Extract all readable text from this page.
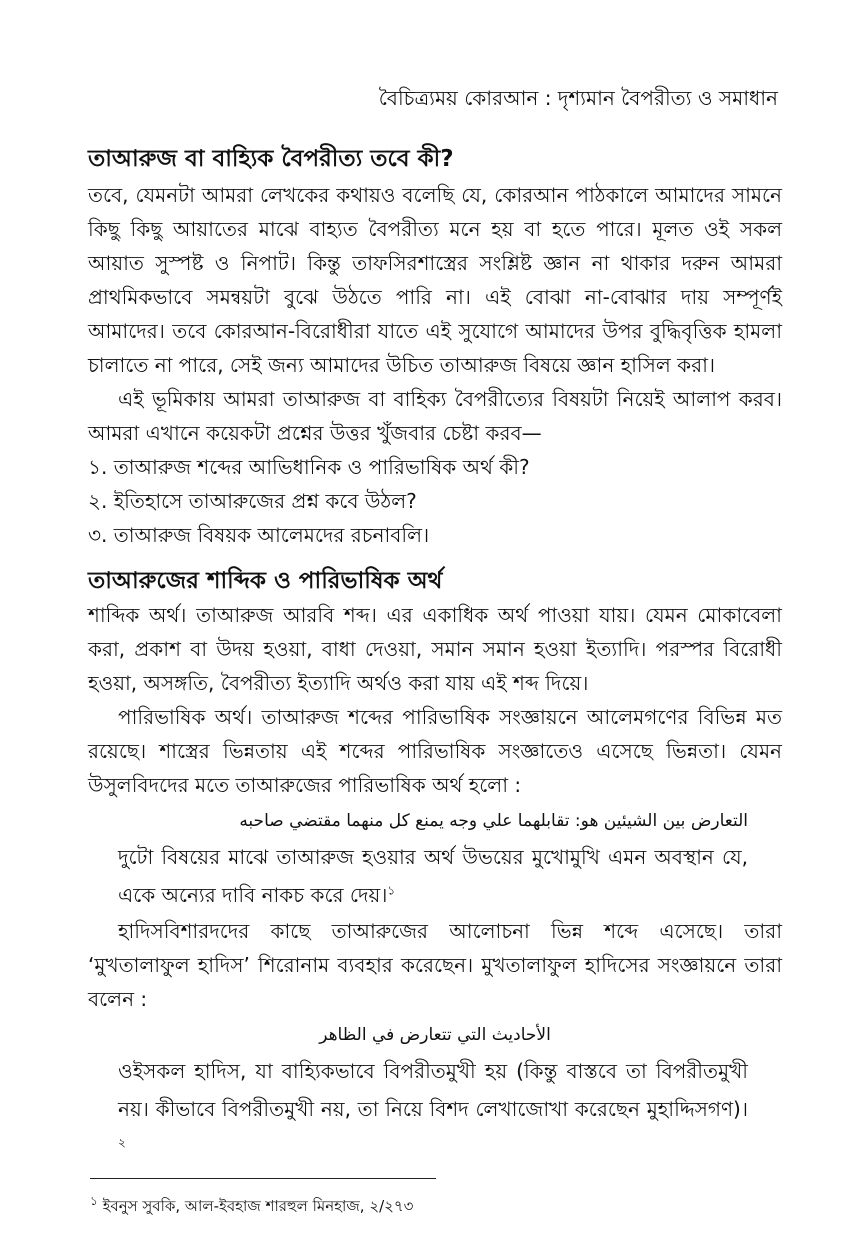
বৈচিত্র্যময় কোরআন : দৃশ্যমান বৈপরীত্য ও সমাধান
তাআরুজ বা বাহ্যিক বৈপরীত্য তবে কী?

তবে, যেমনটা আমরা লেখকের কথায়ও বলেছি যে, কোরআন পাঠকালে আমাদের সামনে কিছু কিছু আয়াতের মাঝে বাহ্যত বৈপরীত্য মনে হয় বা হতে পারে। মূলত ওই সকল আয়াত সুস্পষ্ট ও নিপাট। কিন্তু তাফসিরশাস্ত্রের সংশ্লিষ্ট জ্ঞান না থাকার দরুন আমরা প্রাথমিকভাবে সমন্বয়টা বুঝে উঠতে পারি না। এই বোঝা না-বোঝার দায় সম্পূর্ণই আমাদের। তবে কোরআন-বিরোধীরা যাতে এই সুযোগে আমাদের উপর বুদ্ধিবৃত্তিক হামলা চালাতে না পারে, সেই জন্য আমাদের উচিত তাআরুজ বিষয়ে জ্ঞান হাসিল করা।

এই ভূমিকায় আমরা তাআরুজ বা বাহিক্য বৈপরীত্যের বিষয়টা নিয়েই আলাপ করব। আমরা এখানে কয়েকটা প্রশ্নের উত্তর খুঁজবার চেষ্টা করব—

১. তাআরুজ শব্দের আভিধানিক ও পারিভাষিক অর্থ কী?
২. ইতিহাসে তাআরুজের প্রশ্ন কবে উঠল?
৩. তাআরুজ বিষয়ক আলেমদের রচনাবলি।
তাআরুজের শাব্দিক ও পারিভাষিক অর্থ

শাব্দিক অর্থ। তাআরুজ আরবি শব্দ। এর একাধিক অর্থ পাওয়া যায়। যেমন মোকাবেলা করা, প্রকাশ বা উদয় হওয়া, বাধা দেওয়া, সমান সমান হওয়া ইত্যাদি। পরস্পর বিরোধী হওয়া, অসঙ্গতি, বৈপরীত্য ইত্যাদি অর্থও করা যায় এই শব্দ দিয়ে।

পারিভাষিক অর্থ। তাআরুজ শব্দের পারিভাষিক সংজ্ঞায়নে আলেমগণের বিভিন্ন মত রয়েছে। শাস্ত্রের ভিন্নতায় এই শব্দের পারিভাষিক সংজ্ঞাতেও এসেছে ভিন্নতা। যেমন উসুলবিদদের মতে তাআরুজের পারিভাষিক অর্থ হলো :

التعارض بين الشيئين هو: تقابلهما علي وجه يمنع كل منهما مقتضي صاحبه

দুটো বিষয়ের মাঝে তাআরুজ হওয়ার অর্থ উভয়ের মুখোমুখি এমন অবস্থান যে, একে অন্যের দাবি নাকচ করে দেয়।$^১$

হাদিসবিশারদদের কাছে তাআরুজের আলোচনা ভিন্ন শব্দে এসেছে। তারা ‘মুখতালাফুল হাদিস’ শিরোনাম ব্যবহার করেছেন। মুখতালাফুল হাদিসের সংজ্ঞায়নে তারা বলেন :

الأحاديث التي تتعارض في الظاهر

ওইসকল হাদিস, যা বাহ্যিকভাবে বিপরীতমুখী হয় (কিন্তু বাস্তবে তা বিপরীতমুখী নয়। কীভাবে বিপরীতমুখী নয়, তা নিয়ে বিশদ লেখাজোখা করেছেন মুহাদ্দিসগণ)।$^২$

$^১$ ইবনুস সুবকি, আল-ইবহাজ শারহুল মিনহাজ, ২/২৭৩
